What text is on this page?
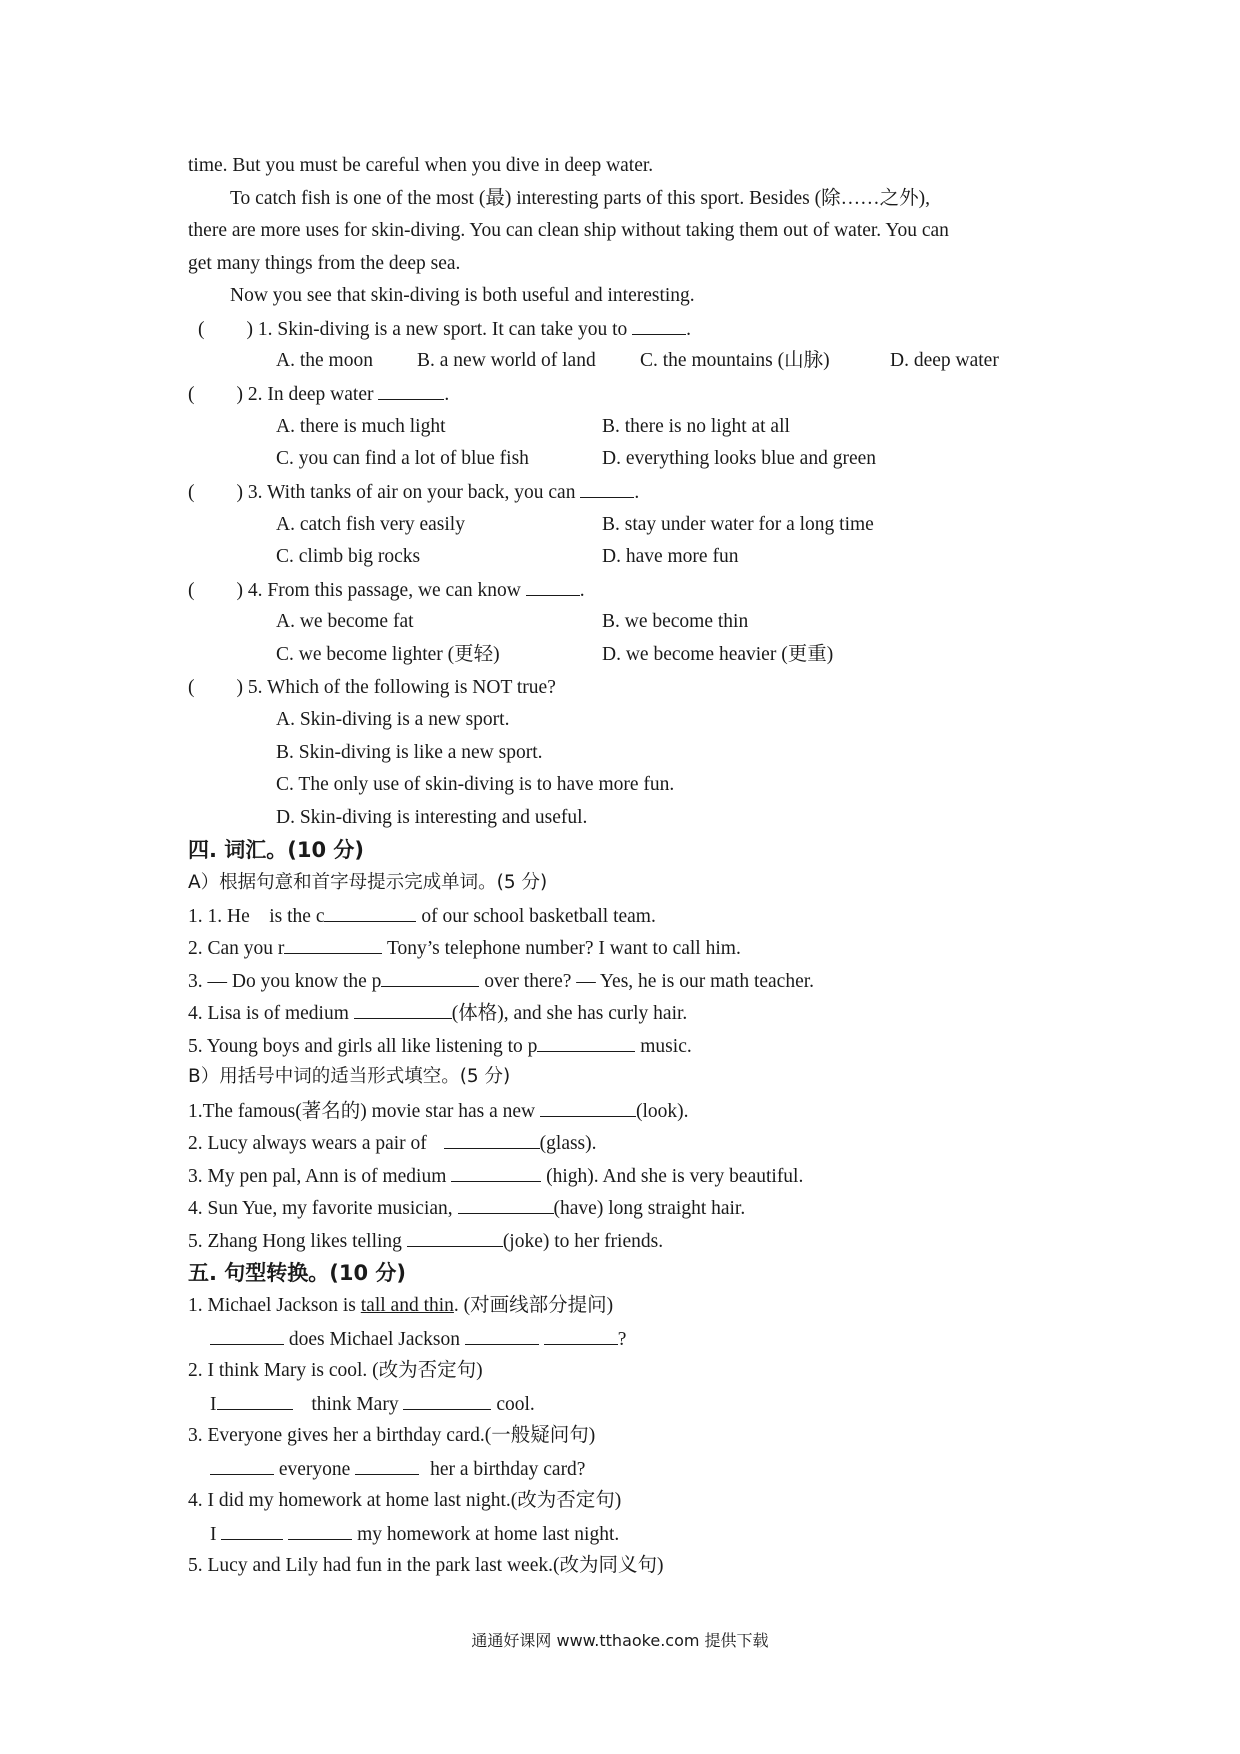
time. But you must be careful when you dive in deep water.
To catch fish is one of the most (最) interesting parts of this sport. Besides (除……之外),
there are more uses for skin-diving. You can clean ship without taking them out of water. You can
get many things from the deep sea.
Now you see that skin-diving is both useful and interesting.
( ) 1. Skin-diving is a new sport. It can take you to	.
A. the moon B. a new world of land C. the mountains (山脉)	D. deep water
( ) 2. In deep water	.
A. there is much light	B. there is no light at all
C. you can find a lot of blue fish	D. everything looks blue and green
( ) 3. With tanks of air on your back, you can	.
A. catch fish very easily	B. stay under water for a long time
C. climb big rocks	D. have more fun
( ) 4. From this passage, we can know	.
A. we become fat	B. we become thin
C. we become lighter (更轻)	D. we become heavier (更重)
( ) 5. Which of the following is NOT true?
A. Skin-diving is a new sport.
B. Skin-diving is like a new sport.
C. The only use of skin-diving is to have more fun.
D. Skin-diving is interesting and useful.
四. 词汇。(10 分)
A）根据句意和首字母提示完成单词。(5 分)
1. 1. He    is the c	of our school basketball team.
2. Can you r	Tony’s telephone number? I want to call him.
3. — Do you know the p	over there? — Yes, he is our math teacher.
4. Lisa is of medium	(体格), and she has curly hair.
5. Young boys and girls all like listening to p	music.
B）用括号中词的适当形式填空。(5 分)
1.The famous(著名的) movie star has a new	(look).
2. Lucy always wears a pair of	(glass).
3. My pen pal, Ann is of medium	(high). And she is very beautiful.
4. Sun Yue, my favorite musician,	(have) long straight hair.
5. Zhang Hong likes telling	(joke) to her friends.
五. 句型转换。(10 分)
1. Michael Jackson is tall and thin. (对画线部分提问)
does Michael Jackson	?
2. I think Mary is cool. (改为否定句)
I	think Mary	cool.
3. Everyone gives her a birthday card.(一般疑问句)
everyone	her a birthday card?
4. I did my homework at home last night.(改为否定句)
I	my homework at home last night.
5. Lucy and Lily had fun in the park last week.(改为同义句)
通通好课网 www.tthaoke.com 提供下载
